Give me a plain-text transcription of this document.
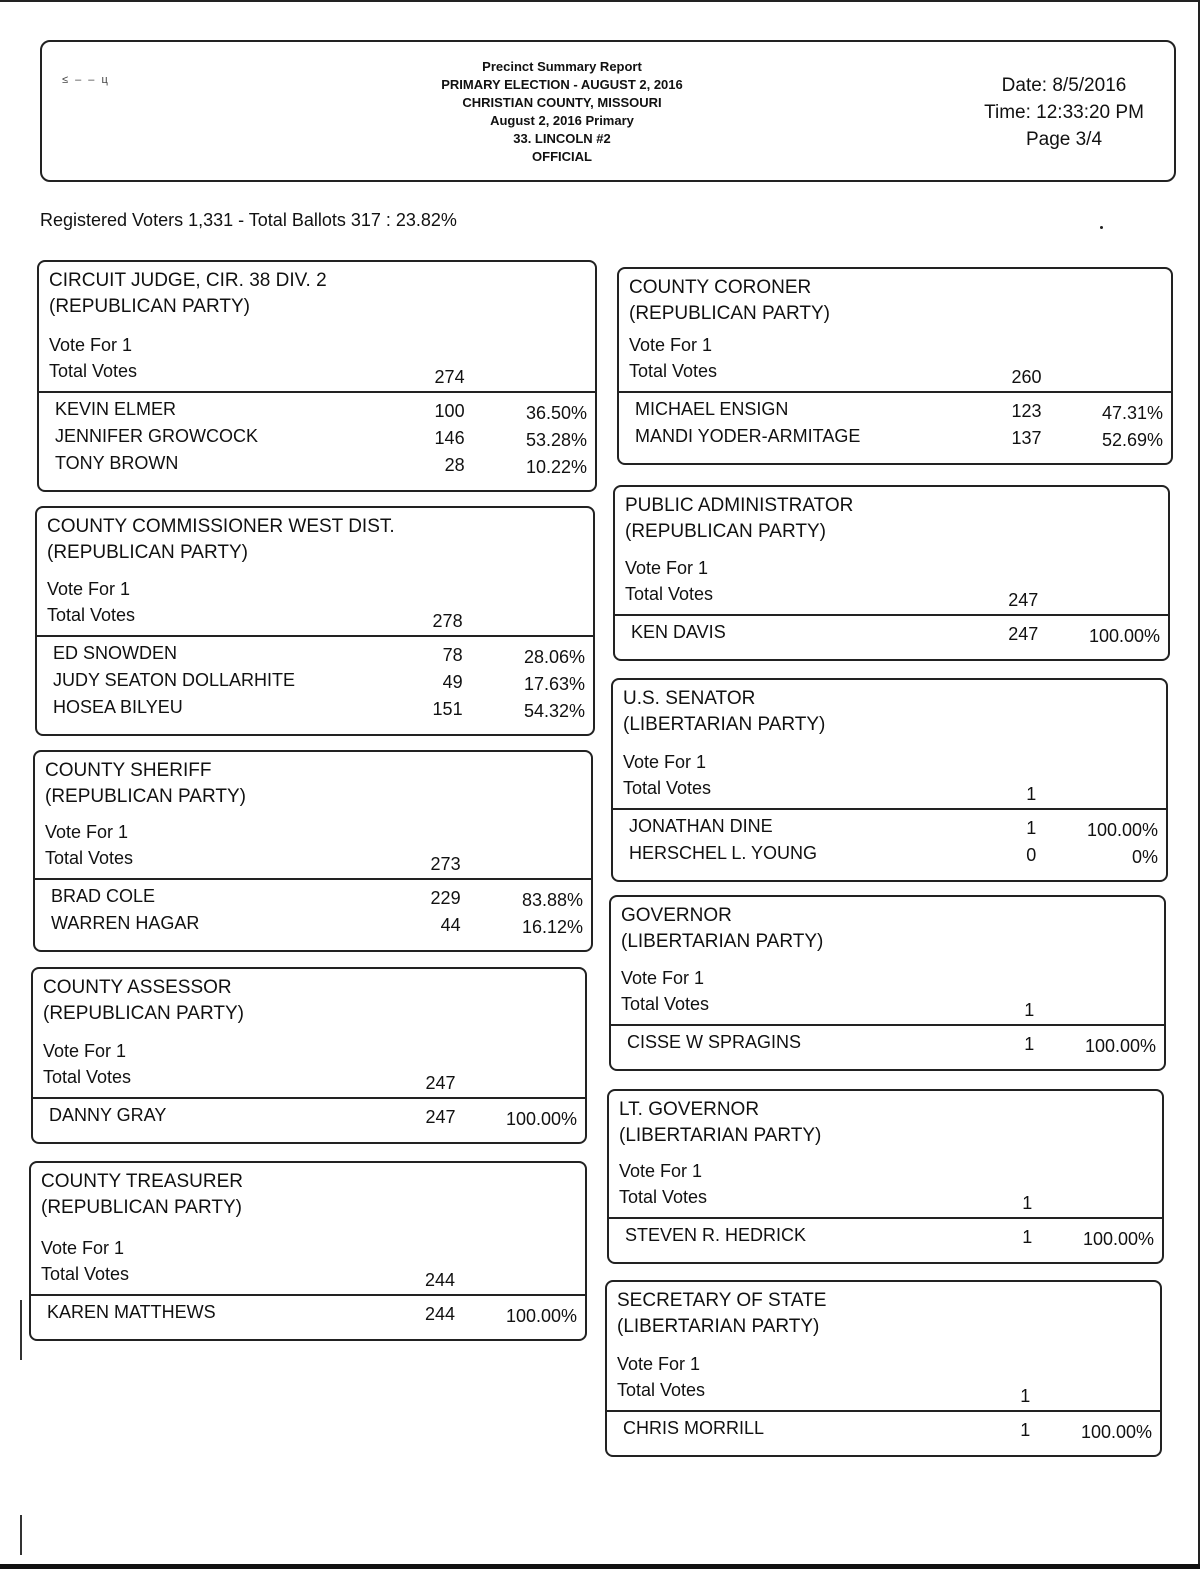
≤ – – ц
Precinct Summary Report
PRIMARY ELECTION - AUGUST 2, 2016
CHRISTIAN COUNTY, MISSOURI
August 2, 2016 Primary
33. LINCOLN #2
OFFICIAL
Date: 8/5/2016
Time: 12:33:20 PM
Page 3/4
Registered Voters 1,331 - Total Ballots 317 : 23.82%
CIRCUIT JUDGE, CIR. 38 DIV. 2
(REPUBLICAN PARTY)
Vote For 1
Total Votes	274
KEVIN ELMER	100	36.50%
JENNIFER GROWCOCK	146	53.28%
TONY BROWN	28	10.22%
COUNTY COMMISSIONER WEST DIST.
(REPUBLICAN PARTY)
Vote For 1
Total Votes	278
ED SNOWDEN	78	28.06%
JUDY SEATON DOLLARHITE	49	17.63%
HOSEA BILYEU	151	54.32%
COUNTY SHERIFF
(REPUBLICAN PARTY)
Vote For 1
Total Votes	273
BRAD COLE	229	83.88%
WARREN HAGAR	44	16.12%
COUNTY ASSESSOR
(REPUBLICAN PARTY)
Vote For 1
Total Votes	247
DANNY GRAY	247	100.00%
COUNTY TREASURER
(REPUBLICAN PARTY)
Vote For 1
Total Votes	244
KAREN MATTHEWS	244	100.00%
COUNTY CORONER
(REPUBLICAN PARTY)
Vote For 1
Total Votes	260
MICHAEL ENSIGN	123	47.31%
MANDI YODER-ARMITAGE	137	52.69%
PUBLIC ADMINISTRATOR
(REPUBLICAN PARTY)
Vote For 1
Total Votes	247
KEN DAVIS	247	100.00%
U.S. SENATOR
(LIBERTARIAN PARTY)
Vote For 1
Total Votes	1
JONATHAN DINE	1	100.00%
HERSCHEL L. YOUNG	0	0%
GOVERNOR
(LIBERTARIAN PARTY)
Vote For 1
Total Votes	1
CISSE W SPRAGINS	1	100.00%
LT. GOVERNOR
(LIBERTARIAN PARTY)
Vote For 1
Total Votes	1
STEVEN R. HEDRICK	1	100.00%
SECRETARY OF STATE
(LIBERTARIAN PARTY)
Vote For 1
Total Votes	1
CHRIS MORRILL	1	100.00%
